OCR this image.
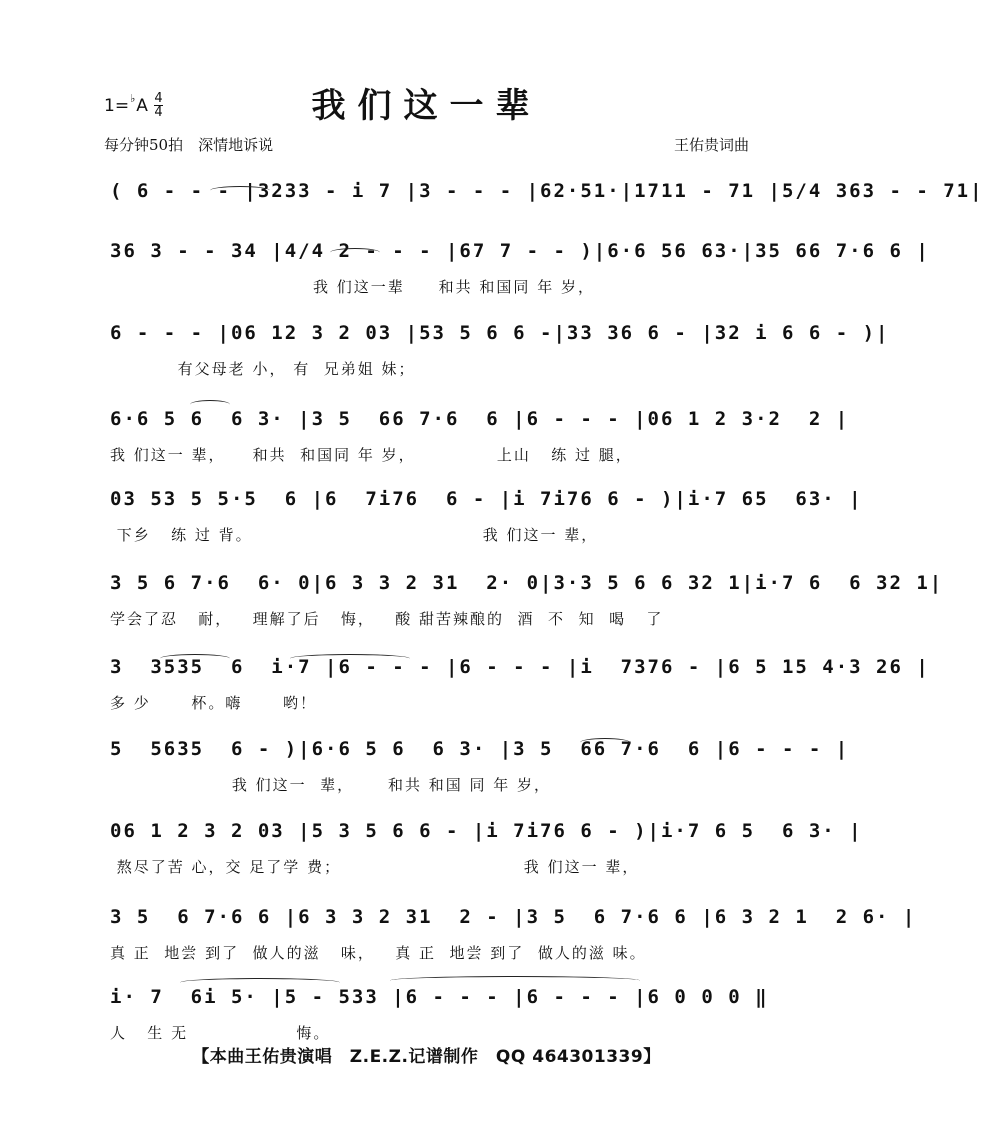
我们这一辈
1=♭A 4
4
每分钟50拍　深情地诉说	王佑贵词曲
( 6 - - - |3233 - i 7 |3 - - - |62·51·|1711 - 71 |5/4 363 - - 71|
36 3 - - 34 |4/4 2 - - - |67 7 - - )|6·6 56 63·|35 66 7·6 6 |
我 们这一辈     和共 和国同 年 岁，
6 - - - |06 12 3 2 03 |53 5 6 6 -|33 36 6 - |32 i 6 6 - )|
有父母老 小， 有  兄弟姐 妹；
6·6 5 6  6 3· |3 5  66 7·6  6 |6 - - - |06 1 2 3·2  2 |
我 们这一 辈，    和共  和国同 年 岁，            上山   练 过 腿，
03 53 5 5·5  6 |6  7i76  6 - |i 7i76 6 - )|i·7 65  63· |
下乡   练 过 背。                                  我 们这一 辈，
3 5 6 7·6  6· 0|6 3 3 2 31  2· 0|3·3 5 6 6 32 1|i·7 6  6 32 1|
学会了忍   耐，   理解了后   悔，   酸 甜苦辣酿的  酒  不  知  喝   了
3  3535  6  i·7 |6 - - - |6 - - - |i  7376 - |6 5 15 4·3 26 |
多 少      杯。嗨      哟！
5  5635  6 - )|6·6 5 6  6 3· |3 5  66 7·6  6 |6 - - - |
我 们这一  辈，     和共 和国 同 年 岁，
06 1 2 3 2 03 |5 3 5 6 6 - |i 7i76 6 - )|i·7 6 5  6 3· |
熬尽了苦 心，交 足了学 费；                           我 们这一 辈，
3 5  6 7·6 6 |6 3 3 2 31  2 - |3 5  6 7·6 6 |6 3 2 1  2 6· |
真 正  地尝 到了  做人的滋   味，   真 正  地尝 到了  做人的滋 味。
i· 7  6i 5· |5 - 533 |6 - - - |6 - - - |6 0 0 0 ‖
人   生 无                悔。
【本曲王佑贵演唱　Z.E.Z.记谱制作　QQ 464301339】
